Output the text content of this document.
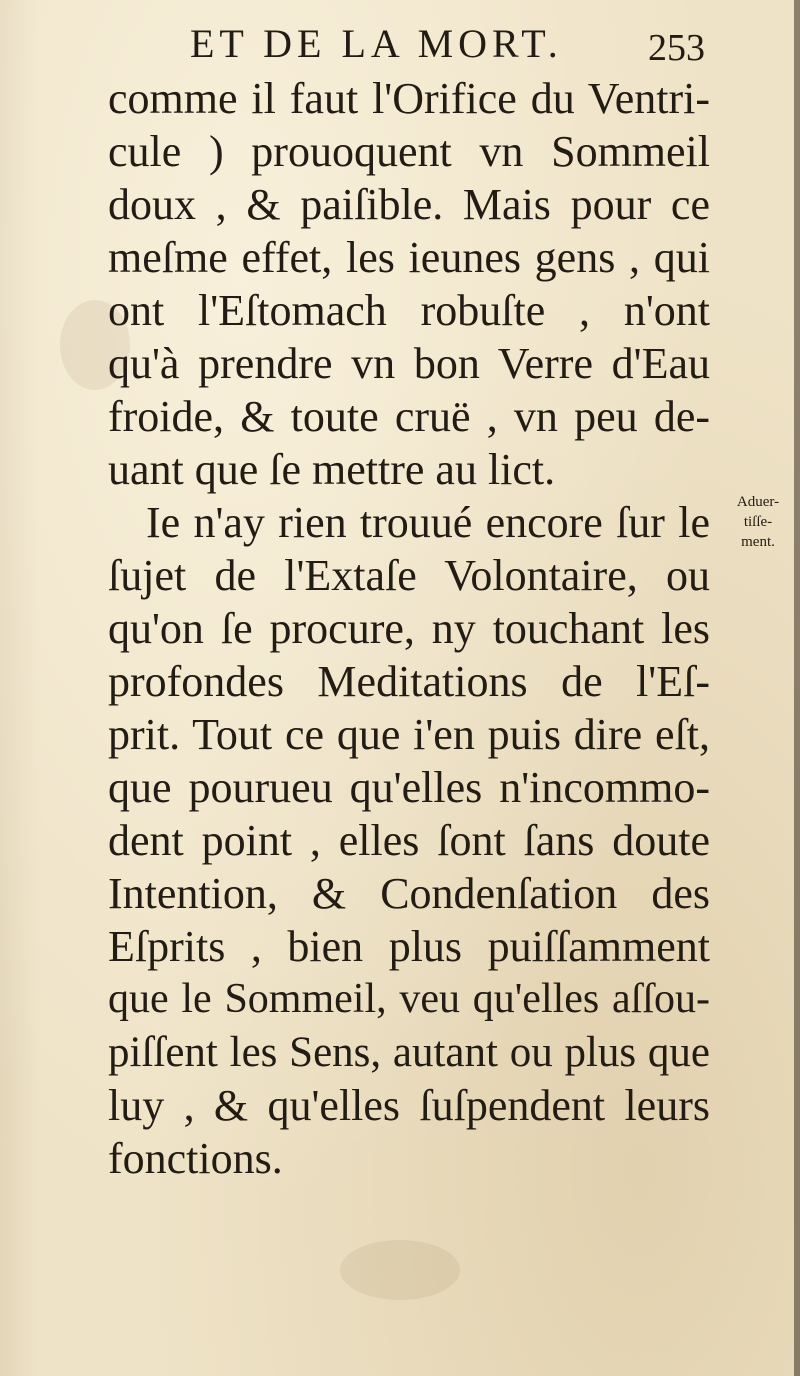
ET DE LA MORT. 253
comme il faut l'Orifice du Ventri-
cule ) prouoquent vn Sommeil
doux , & paiſible. Mais pour ce
meſme effet, les ieunes gens , qui
ont l'Eſtomach robuſte , n'ont
qu'à prendre vn bon Verre d'Eau
froide, & toute cruë , vn peu de-
uant que ſe mettre au lict.
Ie n'ay rien trouué encore ſur le
ſujet de l'Extaſe Volontaire, ou
qu'on ſe procure, ny touchant les
profondes Meditations de l'Eſ-
prit. Tout ce que i'en puis dire eſt,
que pourueu qu'elles n'incommo-
dent point , elles ſont ſans doute
Intention, & Condenſation des
Eſprits , bien plus puiſſamment
que le Sommeil, veu qu'elles aſſou-
piſſent les Sens, autant ou plus que
luy , & qu'elles ſuſpendent leurs
fonctions.
Aduer-
tiſſe-
ment.
